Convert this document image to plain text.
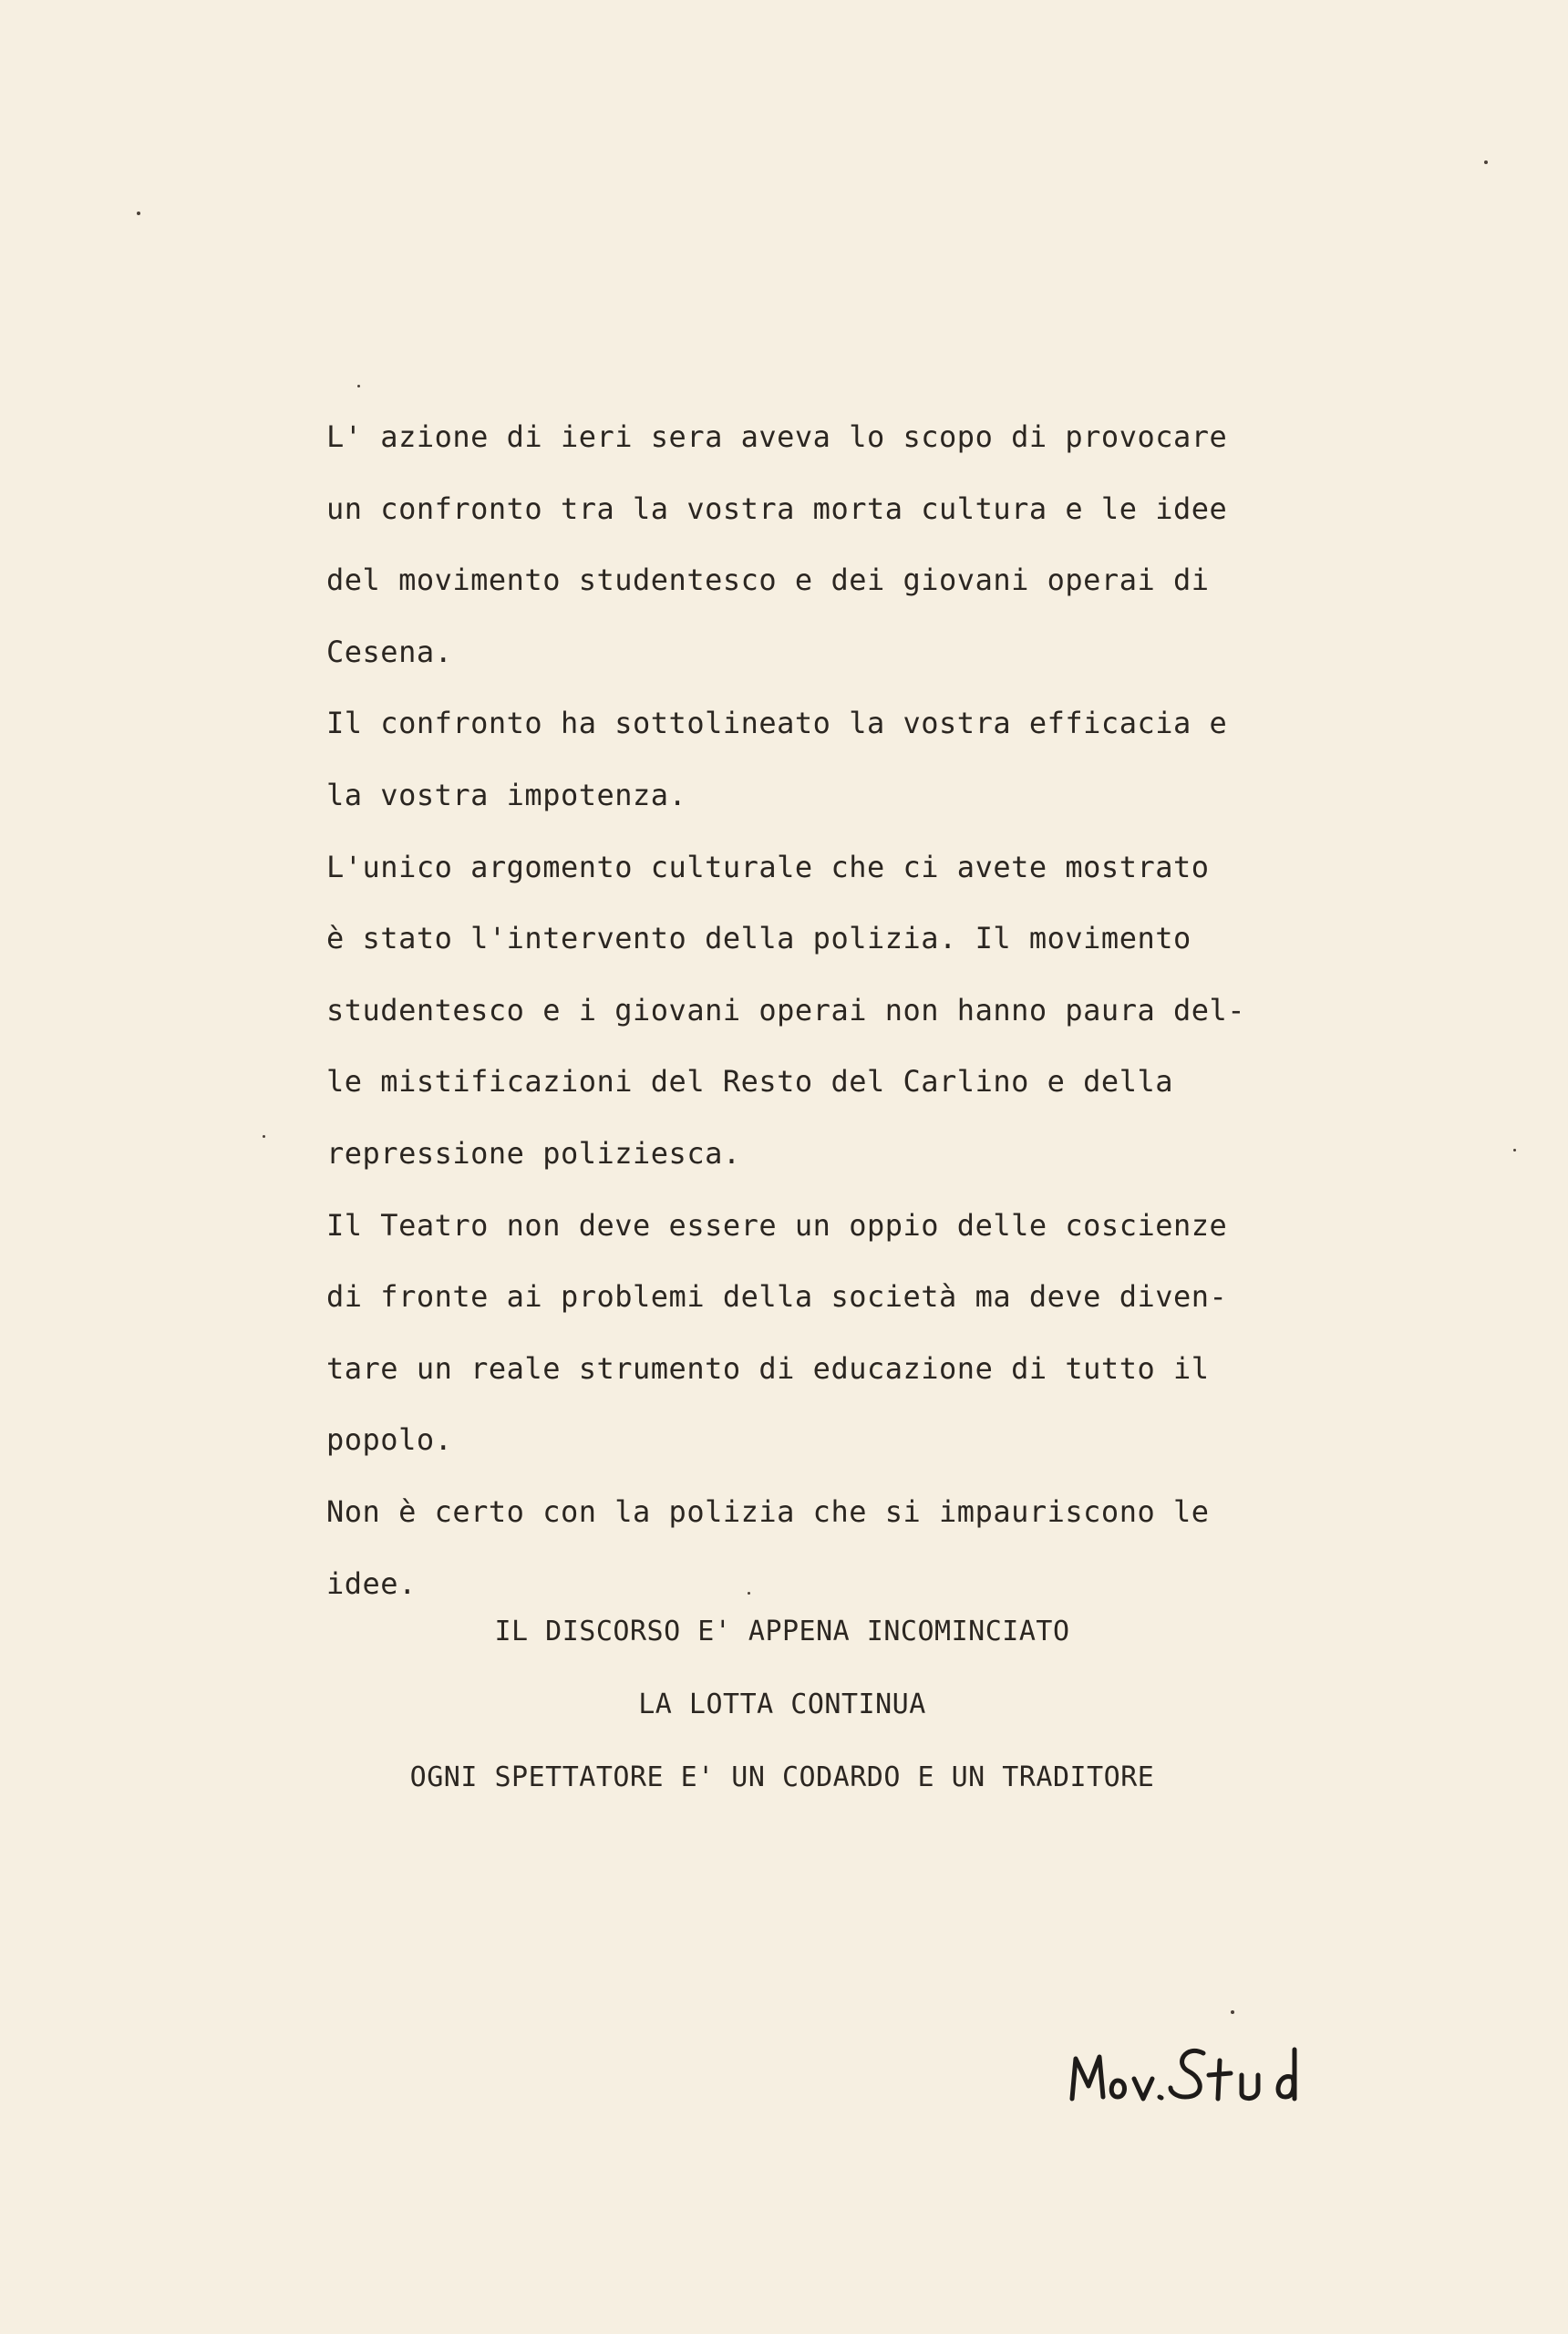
L' azione di ieri sera aveva lo scopo di provocare
un confronto tra la vostra morta cultura e le idee
del movimento studentesco e dei giovani operai di
Cesena.
Il confronto ha sottolineato la vostra efficacia e
la vostra impotenza.
L'unico argomento culturale che ci avete mostrato
è stato l'intervento della polizia. Il movimento
studentesco e i giovani operai non hanno paura del-
le mistificazioni del Resto del Carlino e della
repressione poliziesca.
Il Teatro non deve essere un oppio delle coscienze
di fronte ai problemi della società ma deve diven-
tare un reale strumento di educazione di tutto il
popolo.
Non è certo con la polizia che si impauriscono le
idee.
IL DISCORSO E' APPENA INCOMINCIATO
LA LOTTA CONTINUA
OGNI SPETTATORE E' UN CODARDO E UN TRADITORE
